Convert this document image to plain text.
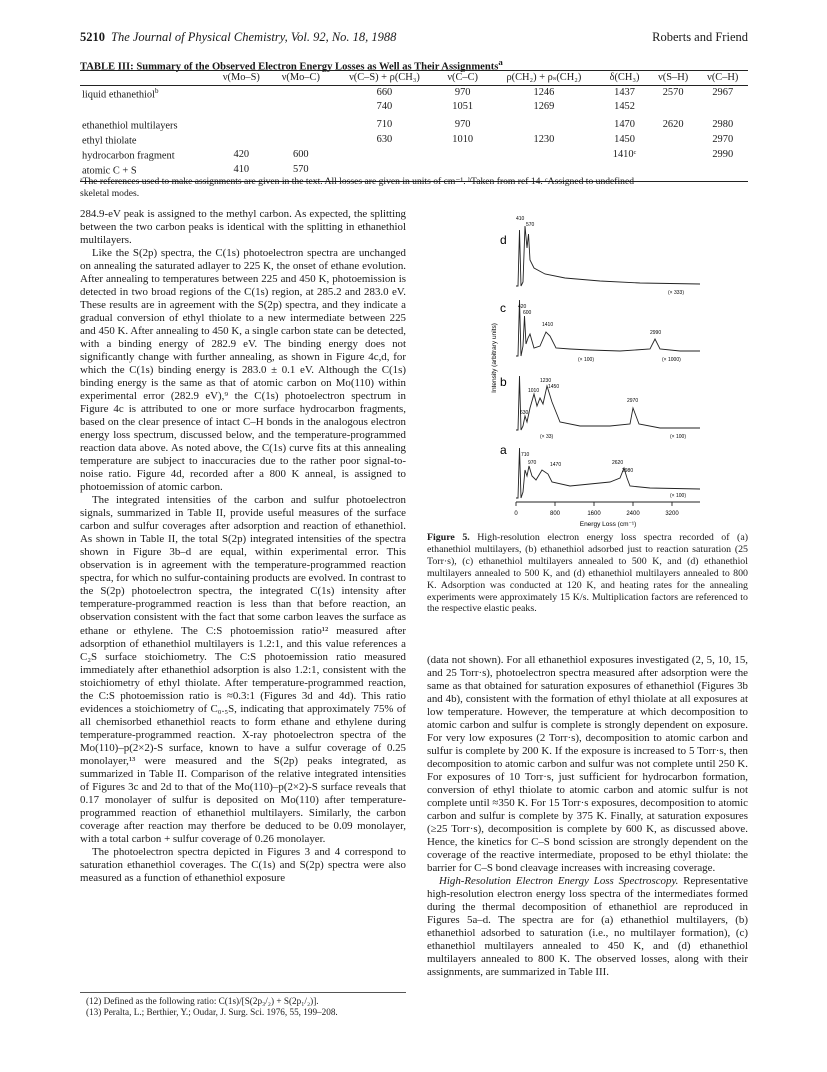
5210 The Journal of Physical Chemistry, Vol. 92, No. 18, 1988	Roberts and Friend
TABLE III: Summary of the Observed Electron Energy Losses as Well as Their Assignments$^a$
	ν(Mo–S)	ν(Mo–C)	ν(C–S) + ρ(CH₃)	ν(C–C)	ρ(CH₂) + ρₛ(CH₂)	δ(CH₃)	ν(S–H)	ν(C–H)
liquid ethanethiol$^b$			660	970	1246	1437	2570	2967
			740	1051	1269	1452		
ethanethiol multilayers			710	970		1470	2620	2980
ethyl thiolate			630	1010	1230	1450		2970
hydrocarbon fragment	420	600				1410ᶜ		2990
atomic C + S	410	570						
ᵃThe references used to make assignments are given in the text. All losses are given in units of cm⁻¹. ᵇTaken from ref 14. ᶜAssigned to undefined
skeletal modes.

284.9-eV peak is assigned to the methyl carbon. As expected, the splitting between the two carbon peaks is identical with the splitting in ethanethiol multilayers.

Like the S(2p) spectra, the C(1s) photoelectron spectra are unchanged on annealing the saturated adlayer to 225 K, the onset of ethane evolution. After annealing to temperatures between 225 and 450 K, photoemission is detected in two broad regions of the C(1s) region, at 285.2 and 283.0 eV. These results are in agreement with the S(2p) spectra, and they indicate a gradual conversion of ethyl thiolate to a new intermediate between 225 and 450 K. After annealing to 450 K, a single carbon state can be detected, with a binding energy of 282.9 eV. The binding energy does not significantly change with further annealing, as shown in Figure 4c,d, for which the C(1s) binding energy is 283.0 ± 0.1 eV. Although the C(1s) binding energy is the same as that of atomic carbon on Mo(110) within experimental error (282.9 eV),⁹ the C(1s) photoelectron spectrum in Figure 4c is attributed to one or more surface hydrocarbon fragments, based on the clear presence of intact C–H bonds in the analogous electron energy loss spectrum, discussed below, and the temperature-programmed reaction data above. As noted above, the C(1s) curve fits at this annealing temperature are subject to inaccuracies due to the rather poor signal-to-noise ratio. Figure 4d, recorded after a 800 K anneal, is assigned to photoemission of atomic carbon.

The integrated intensities of the carbon and sulfur photoelectron signals, summarized in Table II, provide useful measures of the surface carbon and sulfur coverages after adsorption and reaction of ethanethiol. As shown in Table II, the total S(2p) integrated intensities of the spectra shown in Figure 3b–d are equal, within experimental error. This observation is in agreement with the temperature-programmed reaction spectra, for which no sulfur-containing products are evolved. In contrast to the S(2p) photoelectron spectra, the integrated C(1s) intensity after temperature-programmed reaction is less than that before reaction, an observation consistent with the fact that some carbon leaves the surface as ethane or ethylene. The C:S photoemission ratio¹² measured after adsorption of ethanethiol multilayers is 1.2:1, and this value references a C₂S surface stoichiometry. The C:S photoemission ratio measured immediately after ethanethiol adsorption is also 1.2:1, consistent with the stoichiometry of ethyl thiolate. After temperature-programmed reaction, the C:S photoemission ratio is ≈0.3:1 (Figures 3d and 4d). This ratio evidences a stoichiometry of C₀.₅S, indicating that approximately 75% of all chemisorbed ethanethiol reacts to form ethane and ethylene during temperature-programmed reaction. X-ray photoelectron spectra of the Mo(110)–p(2×2)-S surface, known to have a sulfur coverage of 0.25 monolayer,¹³ were measured and the S(2p) peaks integrated, as summarized in Table II. Comparison of the relative integrated intensities of Figures 3c and 2d to that of the Mo(110)–p(2×2)-S surface reveals that 0.17 monolayer of sulfur is deposited on Mo(110) after temperature-programmed reaction of ethanethiol multilayers. Similarly, the carbon coverage after reaction may therfore be deduced to be 0.09 monolayer, with a total carbon + sulfur coverage of 0.26 monolayer.

The photoelectron spectra depicted in Figures 3 and 4 correspond to saturation ethanethiol coverages. The C(1s) and S(2p) spectra were also measured as a function of ethanethiol exposure

(12) Defined as the following ratio: C(1s)/[S(2p₃/₂) + S(2p₁/₂)].
(13) Peralta, L.; Berthier, Y.; Oudar, J. Surg. Sci. 1976, 55, 199–208.
d
c
b
a
410
570
(× 333)
420
600
1410
2990
(× 100)	(× 1000)
630
1010
1230
1450
2970
(× 33)	(× 100)
710
970	1470	2620
2980
(× 100)
0	800	1600	2400	3200
Energy Loss (cm⁻¹)
Intensity (arbitrary units)
Figure 5. High-resolution electron energy loss spectra recorded of (a) ethanethiol multilayers, (b) ethanethiol adsorbed just to reaction saturation (25 Torr·s), (c) ethanethiol multilayers annealed to 500 K, and (d) ethanethiol multilayers annealed to 500 K, and (d) ethanethiol multilayers annealed to 800 K. Adsorption was conducted at 120 K, and heating rates for the annealing experiments were approximately 15 K/s. Multiplication factors are referenced to the respective elastic peaks.

(data not shown). For all ethanethiol exposures investigated (2, 5, 10, 15, and 25 Torr·s), photoelectron spectra measured after adsorption were the same as that obtained for saturation exposures of ethanethiol (Figures 3b and 4b), consistent with the formation of ethyl thiolate at all exposures at low temperature. However, the temperature at which decomposition to atomic carbon and sulfur is complete is strongly dependent on exposure. For very low exposures (2 Torr·s), decomposition to atomic carbon and sulfur is complete by 200 K. If the exposure is increased to 5 Torr·s, then decomposition to atomic carbon and sulfur was not complete until 250 K. For exposures of 10 Torr·s, just sufficient for hydrocarbon formation, conversion of ethyl thiolate to atomic carbon and atomic sulfur is not complete until ≈350 K. For 15 Torr·s exposures, decomposition to atomic carbon and sulfur is complete by 375 K. Finally, at saturation exposures (≥25 Torr·s), decomposition is complete by 600 K, as discussed above. Hence, the kinetics for C–S bond scission are strongly dependent on the coverage of the reactive intermediate, proposed to be ethyl thiolate: the barrier for C–S bond cleavage increases with increasing coverage.

High-Resolution Electron Energy Loss Spectroscopy. Representative high-resolution electron energy loss spectra of the intermediates formed during the thermal decomposition of ethanethiol are reproduced in Figures 5a–d. The spectra are for (a) ethanethiol multilayers, (b) ethanethiol adsorbed to saturation (i.e., no multilayer formation), (c) ethanethiol multilayers annealed to 450 K, and (d) ethanethiol multilayers annealed to 800 K. The observed losses, along with their assignments, are summarized in Table III.
